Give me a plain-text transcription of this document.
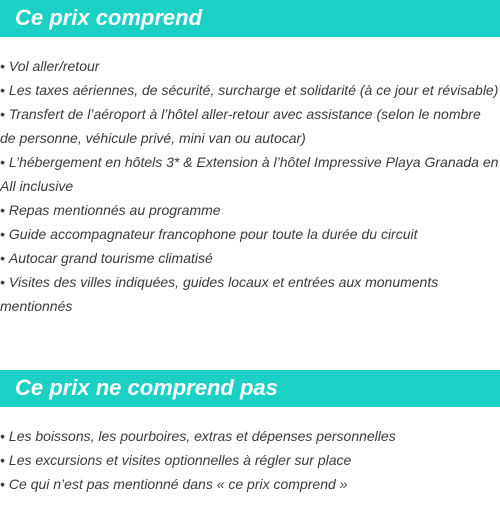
Ce prix comprend
• Vol aller/retour
• Les taxes aériennes, de sécurité, surcharge et solidarité (à ce jour et révisable)
• Transfert de l’aéroport à l’hôtel aller-retour avec assistance (selon le nombre de personne, véhicule privé, mini van ou autocar)
• L’hébergement en hôtels 3* & Extension à l’hôtel Impressive Playa Granada en All inclusive
• Repas mentionnés au programme
• Guide accompagnateur francophone pour toute la durée du circuit
• Autocar grand tourisme climatisé
• Visites des villes indiquées, guides locaux et entrées aux monuments mentionnés
Ce prix ne comprend pas
• Les boissons, les pourboires, extras et dépenses personnelles
• Les excursions et visites optionnelles à régler sur place
• Ce qui n’est pas mentionné dans « ce prix comprend »
